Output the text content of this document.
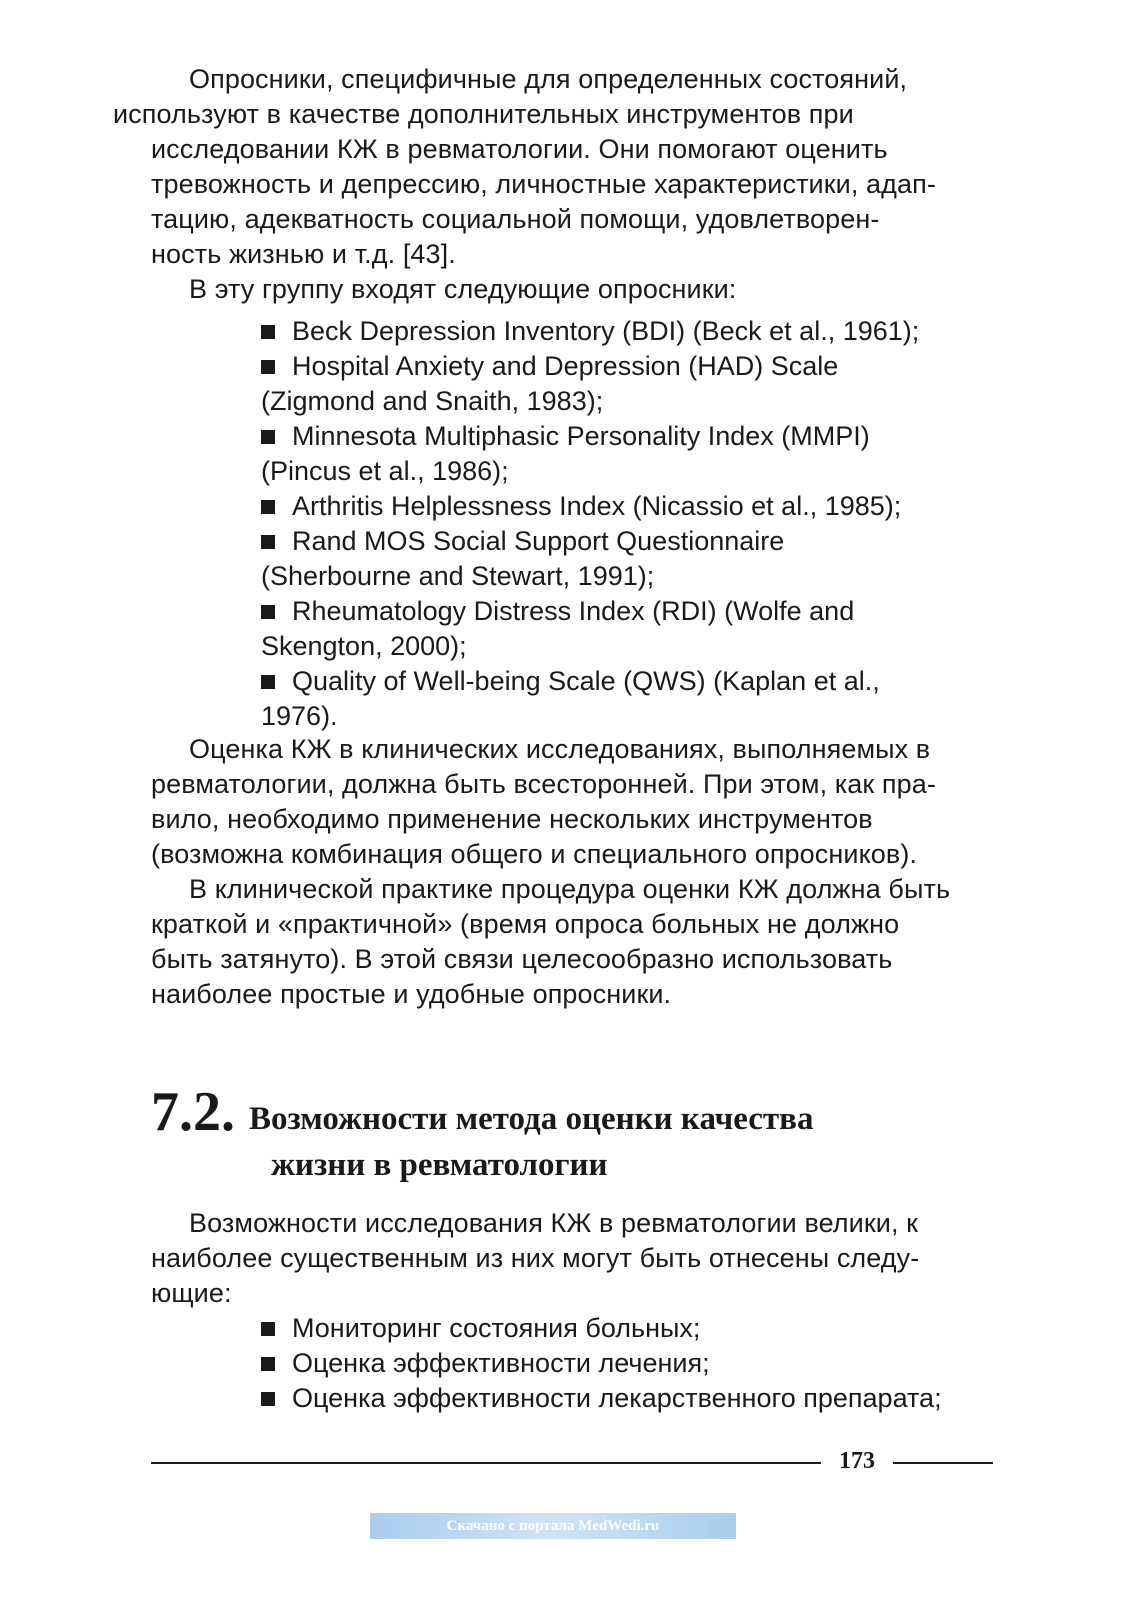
Опросники, специфичные для определенных состояний,
используют в качестве дополнительных инструментов при
исследовании КЖ в ревматологии. Они помогают оценить
тревожность и депрессию, личностные характеристики, адап-
тацию, адекватность социальной помощи, удовлетворен-
ность жизнью и т.д. [43].

В эту группу входят следующие опросники:

Beck Depression Inventory (BDI) (Beck et al., 1961);
Hospital Anxiety and Depression (HAD) Scale
(Zigmond and Snaith, 1983);
Minnesota Multiphasic Personality Index (MMPI)
(Pincus et al., 1986);
Arthritis Helplessness Index (Nicassio et al., 1985);
Rand MOS Social Support Questionnaire
(Sherbourne and Stewart, 1991);
Rheumatology Distress Index (RDI) (Wolfe and
Skengton, 2000);
Quality of Well-being Scale (QWS) (Kaplan et al.,
1976).

Оценка КЖ в клинических исследованиях, выполняемых в
ревматологии, должна быть всесторонней. При этом, как пра-
вило, необходимо применение нескольких инструментов
(возможна комбинация общего и специального опросников).

В клинической практике процедура оценки КЖ должна быть
краткой и «практичной» (время опроса больных не должно
быть затянуто). В этой связи целесообразно использовать
наиболее простые и удобные опросники.

7.2. Возможности метода оценки качества
жизни в ревматологии

Возможности исследования КЖ в ревматологии велики, к
наиболее существенным из них могут быть отнесены следу-
ющие:

Мониторинг состояния больных;
Оценка эффективности лечения;
Оценка эффективности лекарственного препарата;
173
Скачано с портала MedWedi.ru
